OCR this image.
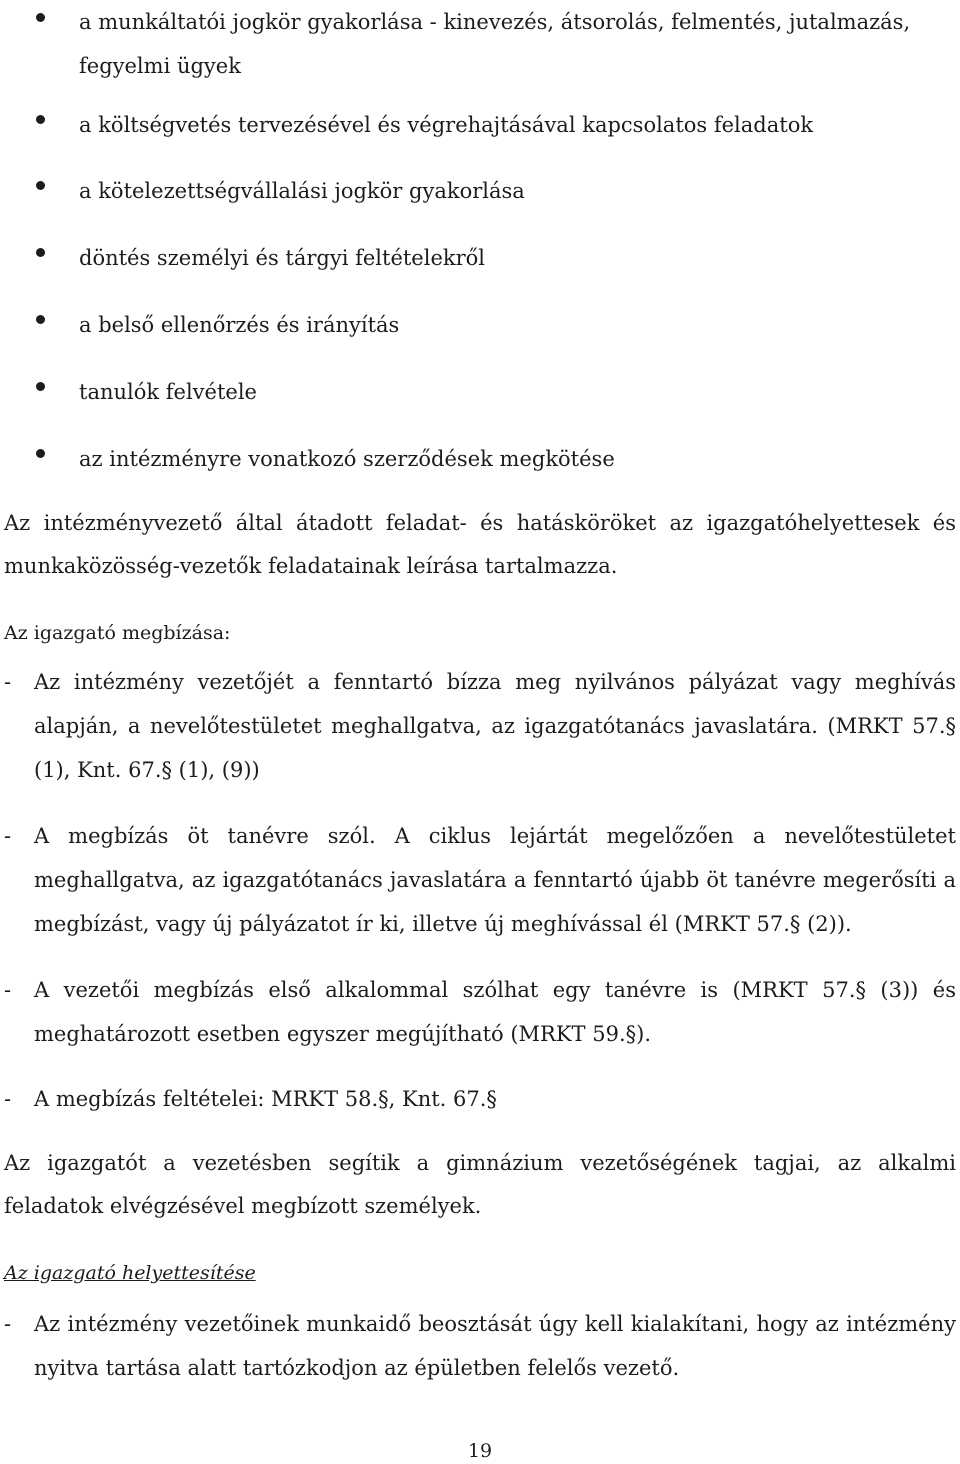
a munkáltatói jogkör gyakorlása - kinevezés, átsorolás, felmentés, jutalmazás, fegyelmi ügyek
a költségvetés tervezésével és végrehajtásával kapcsolatos feladatok
a kötelezettségvállalási jogkör gyakorlása
döntés személyi és tárgyi feltételekről
a belső ellenőrzés és irányítás
tanulók felvétele
az intézményre vonatkozó szerződések megkötése
Az intézményvezető által átadott feladat- és hatásköröket az igazgatóhelyettesek és munkaközösség-vezetők feladatainak leírása tartalmazza.
Az igazgató megbízása:
- Az intézmény vezetőjét a fenntartó bízza meg nyilvános pályázat vagy meghívás alapján, a nevelőtestületet meghallgatva, az igazgatótanács javaslatára. (MRKT 57.§ (1), Knt. 67.§ (1), (9))
- A megbízás öt tanévre szól. A ciklus lejártát megelőzően a nevelőtestületet meghallgatva, az igazgatótanács javaslatára a fenntartó újabb öt tanévre megerősíti a megbízást, vagy új pályázatot ír ki, illetve új meghívással él (MRKT 57.§ (2)).
- A vezetői megbízás első alkalommal szólhat egy tanévre is (MRKT 57.§ (3)) és meghatározott esetben egyszer megújítható (MRKT 59.§).
- A megbízás feltételei: MRKT 58.§, Knt. 67.§
Az igazgatót a vezetésben segítik a gimnázium vezetőségének tagjai, az alkalmi feladatok elvégzésével megbízott személyek.
Az igazgató helyettesítése
- Az intézmény vezetőinek munkaidő beosztását úgy kell kialakítani, hogy az intézmény nyitva tartása alatt tartózkodjon az épületben felelős vezető.
19
